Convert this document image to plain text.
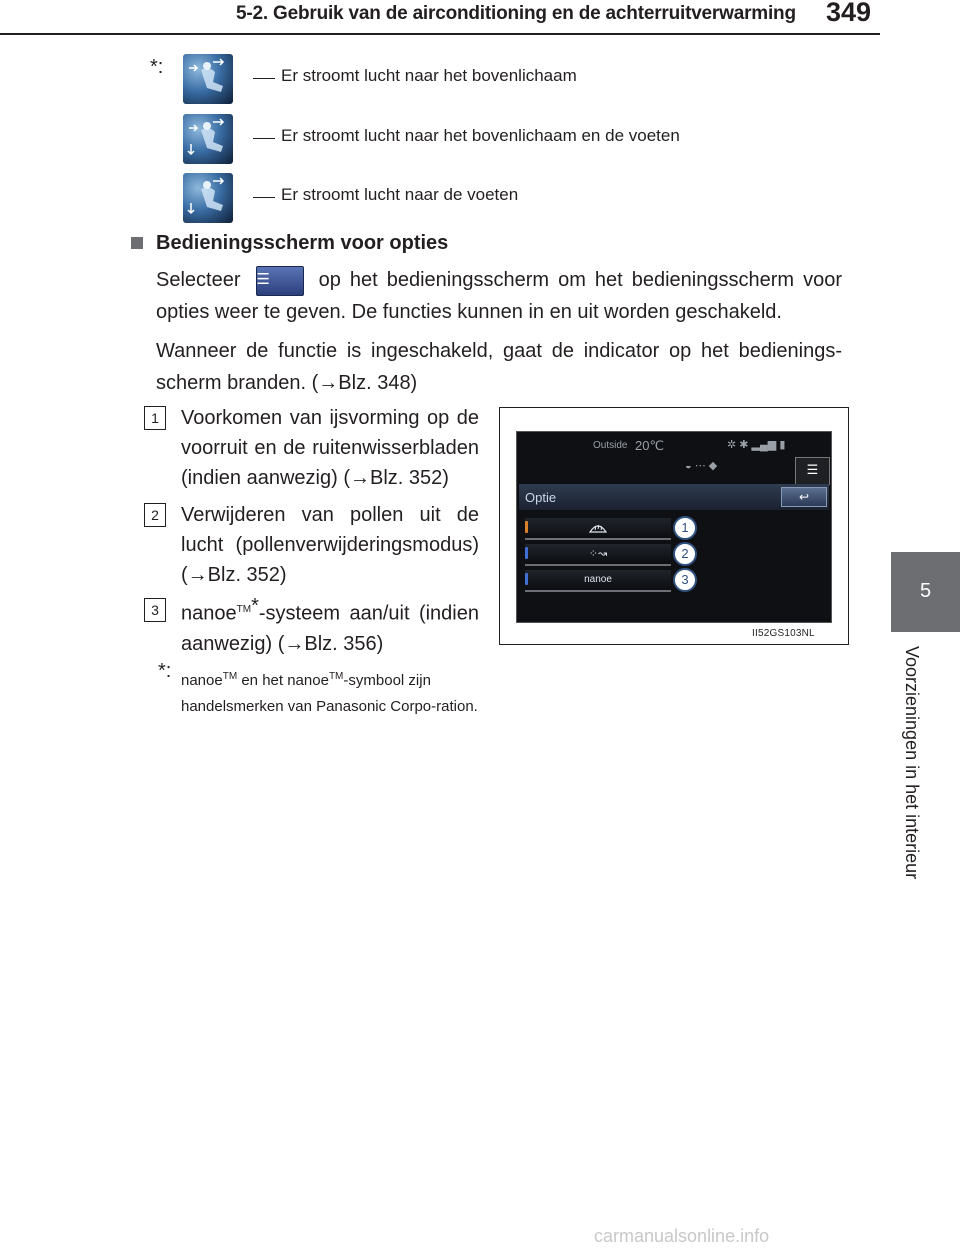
5-2. Gebruik van de airconditioning en de achterruitverwarming 349
5
Voorzieningen in het interieur
*:	Er stroomt lucht naar het bovenlichaam
Er stroomt lucht naar het bovenlichaam en de voeten
Er stroomt lucht naar de voeten
Bedieningsscherm voor opties
Selecteer ☰ op het bedieningsscherm om het bedieningsscherm voor opties weer te geven. De functies kunnen in en uit worden geschakeld.
Wanneer de functie is ingeschakeld, gaat de indicator op het bedienings-scherm branden. (→Blz. 348)
1	Voorkomen van ijsvorming op de voorruit en de ruitenwisserbladen (indien aanwezig) (→Blz. 352)
2	Verwijderen van pollen uit de lucht (pollenverwijderingsmodus) (→Blz. 352)
3	nanoe™*-systeem aan/uit (indien aanwezig) (→Blz. 356)
*: nanoe™ en het nanoe™-symbool zijn handelsmerken van Panasonic Corpo-ration.
Outside 20℃	✲ ✱ ▂▄▆ ▮
◒ ⋯ ◆	☰
Optie	↩
⁘↝
nanoe
1
2
3
II52GS103NL
carmanualsonline.info
